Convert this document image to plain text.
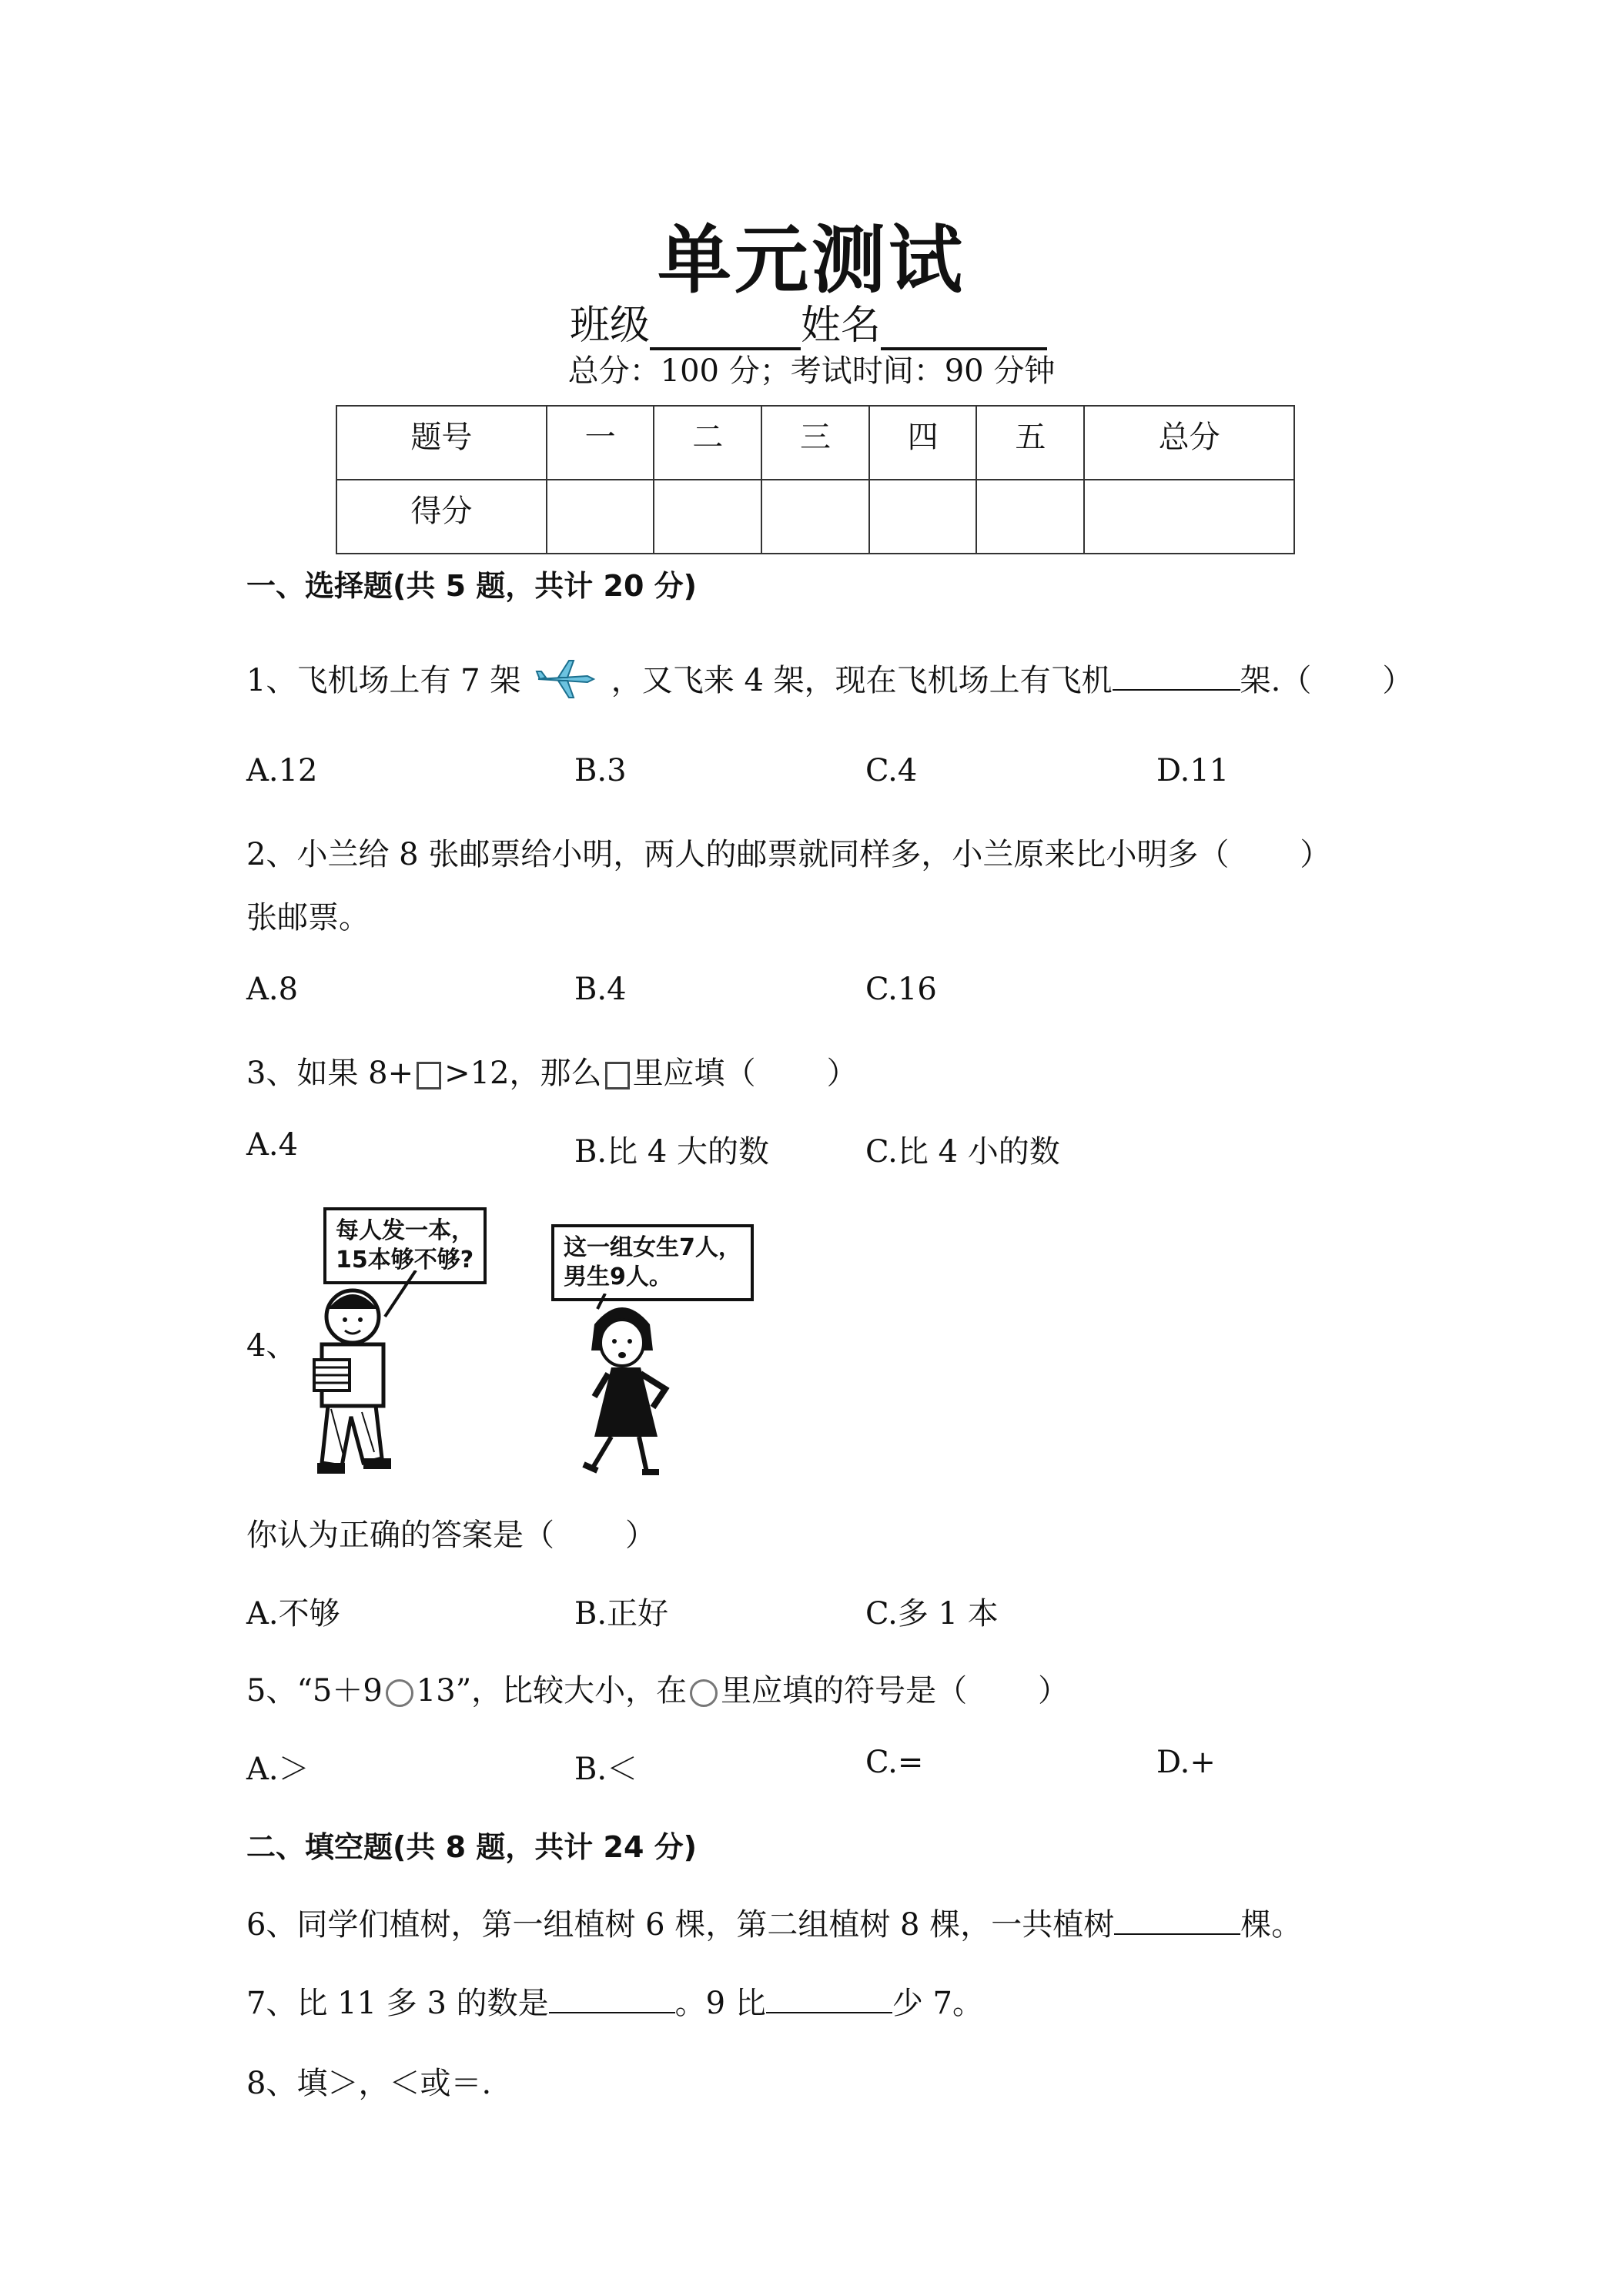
单元测试
班级	姓名
总分：100 分；考试时间：90 分钟
题号	一	二	三	四	五	总分
得分						
一、选择题(共 5 题，共计 20 分)
1、飞机场上有 7 架	，又飞来 4 架，现在飞机场上有飞机	架.（ ）
A.12	B.3	C.4	D.11
2、小兰给 8 张邮票给小明，两人的邮票就同样多，小兰原来比小明多（ ）
张邮票。
A.8	B.4	C.16
3、如果 8+ >12，那么 里应填（ ）
A.4	B.比 4 大的数	C.比 4 小的数
4、
每人发一本，
15本够不够?	这一组女生7人，
男生9人。
你认为正确的答案是（ ）
A.不够	B.正好	C.多 1 本
5、“5＋9 13”，比较大小，在 里应填的符号是（ ）
A.＞	B.＜	C.=	D.+
二、填空题(共 8 题，共计 24 分)
6、同学们植树，第一组植树 6 棵，第二组植树 8 棵，一共植树	棵。
7、比 11 多 3 的数是	。9 比	少 7。
8、填＞，＜或＝.
